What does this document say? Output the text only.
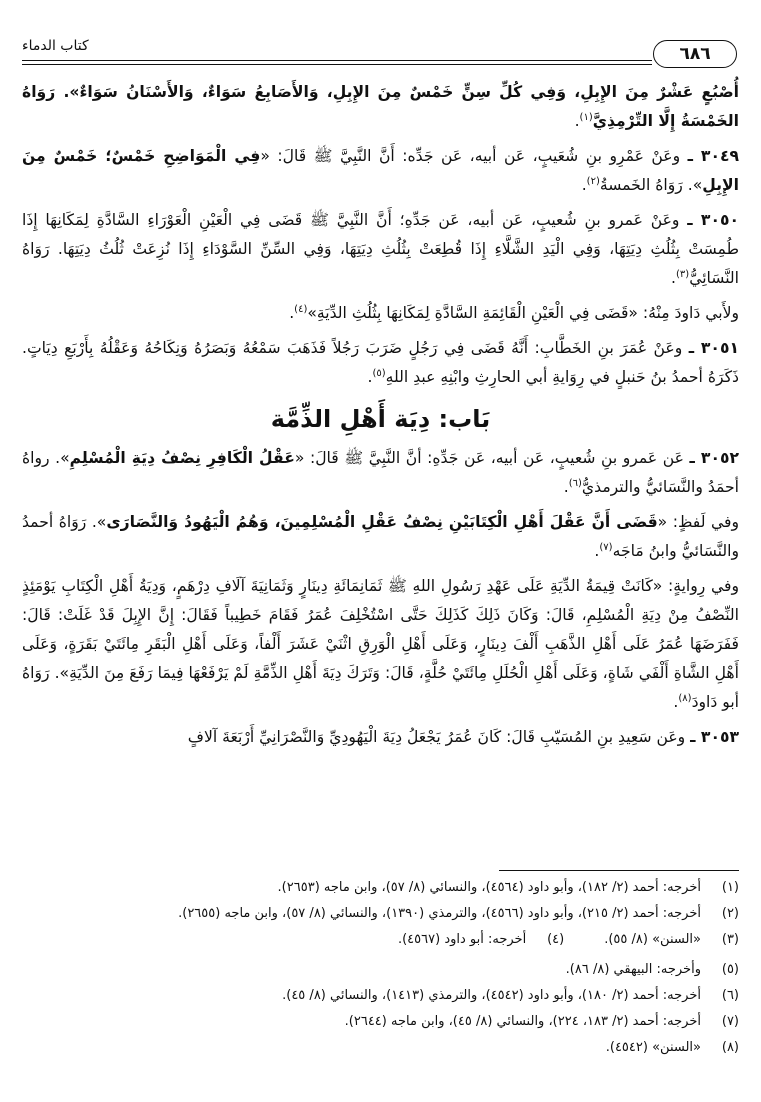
كتاب الدماء	٦٨٦

أُصْبُعٍ عَشْرٌ مِنَ الإِبِلِ، وَفِي كُلِّ سِنٍّ خَمْسٌ مِنَ الإِبِلِ، وَالأَصَابِعُ سَوَاءٌ، وَالأَسْنَانُ سَوَاءٌ». رَوَاهُ الخَمْسَةُ إِلَّا التِّرْمِذِيَّ$^{(١)}$.

٣٠٤٩ ـ وعَنْ عَمْرِو بنِ شُعَيبٍ، عَن أبيه، عَن جَدِّه: أَنَّ النَّبِيَّ ﷺ قَالَ: «فِي الْمَوَاضِحِ خَمْسٌ؛ خَمْسٌ مِنَ الإِبِلِ». رَوَاهُ الخَمسةُ$^{(٢)}$.

٣٠٥٠ ـ وعَنْ عَمرو بنِ شُعيبٍ، عَن أبيه، عَن جَدِّهِ؛ أَنَّ النَّبِيَّ ﷺ قَضَى فِي الْعَيْنِ الْعَوْرَاءِ السَّادَّةِ لِمَكَانِهَا إِذَا طُمِسَتْ بِثُلُثِ دِيَتِهَا، وَفِي الْيَدِ الشَّلَّاءِ إِذَا قُطِعَتْ بِثُلُثِ دِيَتِهَا، وَفِي السِّنِّ السَّوْدَاءِ إِذَا نُزِعَتْ ثُلُثُ دِيَتِهَا. رَوَاهُ النَّسَائِيُّ$^{(٣)}$.

ولأَبي دَاودَ مِنْهُ: «قَضَى فِي الْعَيْنِ الْقَائِمَةِ السَّادَّةِ لِمَكَانِهَا بِثُلُثِ الدِّيَةِ»$^{(٤)}$.

٣٠٥١ ـ وعَنْ عُمَرَ بنِ الخَطَّابِ: أَنَّهُ قَضَى فِي رَجُلٍ ضَرَبَ رَجُلاً فَذَهَبَ سَمْعُهُ وَبَصَرُهُ وَنِكَاحُهُ وَعَقْلُهُ بِأَرْبَعِ دِيَاتٍ. ذَكَرَهُ أحمدُ بنُ حَنبلٍ في رِوَايةِ أبي الحارِثِ وابْنِهِ عبدِ اللهِ$^{(٥)}$.

بَاب: دِيَة أَهْلِ الذِّمَّة

٣٠٥٢ ـ عَن عَمرو بنِ شُعيبٍ، عَن أبيه، عَن جَدِّهِ: أنَّ النَّبِيَّ ﷺ قَالَ: «عَقْلُ الْكَافِرِ نِصْفُ دِيَةِ الْمُسْلِمِ». رواهُ أحمَدُ والنَّسَائيُّ والترمذيُّ$^{(٦)}$.

وفي لَفظٍ: «قَضَى أَنَّ عَقْلَ أَهْلِ الْكِتَابَيْنِ نِصْفُ عَقْلِ الْمُسْلِمِينَ، وَهُمُ الْيَهُودُ وَالنَّصَارَى». رَوَاهُ أحمدُ والنَّسَائيُّ وابنُ مَاجَه$^{(٧)}$.

وفي رِوايةٍ: «كَانَتْ قِيمَةُ الدِّيَةِ عَلَى عَهْدِ رَسُولِ اللهِ ﷺ ثَمَانِمَائَةِ دِينَارٍ وَثَمَانِيَةَ آلَافِ دِرْهَمٍ، وَدِيَةُ أَهْلِ الْكِتَابِ يَوْمَئِذٍ النِّصْفُ مِنْ دِيَةِ الْمُسْلِمِ، قَالَ: وَكَانَ ذَلِكَ كَذَلِكَ حَتَّى اسْتُخْلِفَ عُمَرُ فَقَامَ خَطِيباً فَقَالَ: إِنَّ الإِبِلَ قَدْ غَلَتْ: قَالَ: فَفَرَضَهَا عُمَرُ عَلَى أَهْلِ الذَّهَبِ أَلْفَ دِينَارٍ، وَعَلَى أَهْلِ الْوَرِقِ اثْنَيْ عَشَرَ أَلْفاً، وَعَلَى أَهْلِ الْبَقَرِ مِائَتَيْ بَقَرَةٍ، وَعَلَى أَهْلِ الشَّاةِ أَلْفَي شَاةٍ، وَعَلَى أَهْلِ الْحُلَلِ مِائَتَيْ حُلَّةٍ، قَالَ: وَتَرَكَ دِيَةَ أَهْلِ الذِّمَّةِ لَمْ يَرْفَعْهَا فِيمَا رَفَعَ مِنَ الدِّيَةِ». رَوَاهُ أبو دَاودَ$^{(٨)}$.

٣٠٥٣ ـ وعَن سَعِيدِ بنِ المُسَيّبِ قَالَ: كَانَ عُمَرُ يَجْعَلُ دِيَةَ الْيَهُودِيِّ وَالنَّصْرَانِيِّ أَرْبَعَةَ آلافٍ

(١)
أخرجه: أحمد (٢/ ١٨٢)، وأبو داود (٤٥٦٤)، والنسائي (٨/ ٥٧)، وابن ماجه (٢٦٥٣).
(٢)
أخرجه: أحمد (٢/ ٢١٥)، وأبو داود (٤٥٦٦)، والترمذي (١٣٩٠)، والنسائي (٨/ ٥٧)، وابن ماجه (٢٦٥٥).
(٣)
«السنن» (٨/ ٥٥).
(٤)
أخرجه: أبو داود (٤٥٦٧).
(٥)
وأخرجه: البيهقي (٨/ ٨٦).
(٦)
أخرجه: أحمد (٢/ ١٨٠)، وأبو داود (٤٥٤٢)، والترمذي (١٤١٣)، والنسائي (٨/ ٤٥).
(٧)
أخرجه: أحمد (٢/ ١٨٣، ٢٢٤)، والنسائي (٨/ ٤٥)، وابن ماجه (٢٦٤٤).
(٨)
«السنن» (٤٥٤٢).
